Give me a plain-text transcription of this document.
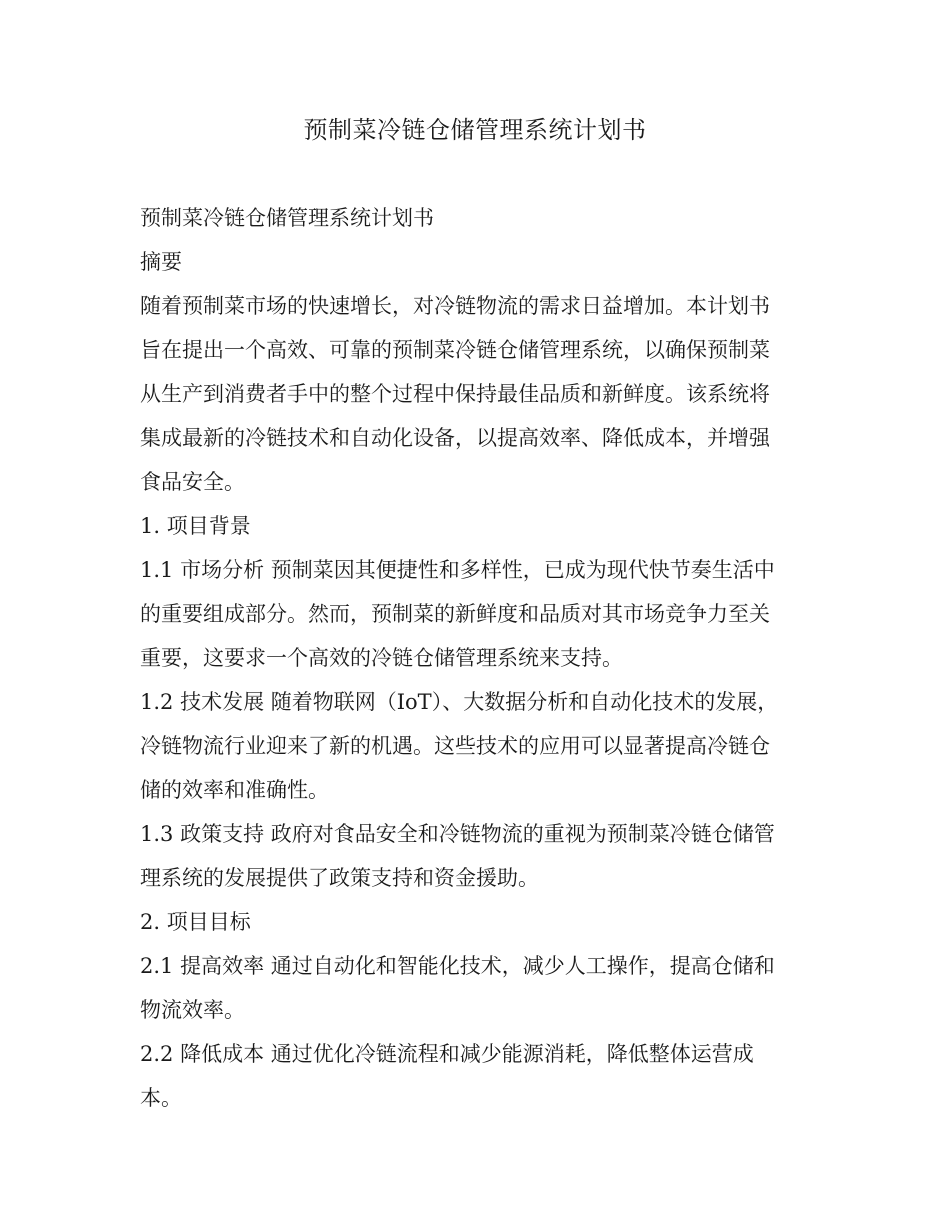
预制菜冷链仓储管理系统计划书
预制菜冷链仓储管理系统计划书
摘要
随着预制菜市场的快速增长，对冷链物流的需求日益增加。本计划书
旨在提出一个高效、可靠的预制菜冷链仓储管理系统，以确保预制菜
从生产到消费者手中的整个过程中保持最佳品质和新鲜度。该系统将
集成最新的冷链技术和自动化设备，以提高效率、降低成本，并增强
食品安全。
1. 项目背景
1.1 市场分析 预制菜因其便捷性和多样性，已成为现代快节奏生活中
的重要组成部分。然而，预制菜的新鲜度和品质对其市场竞争力至关
重要，这要求一个高效的冷链仓储管理系统来支持。
1.2 技术发展 随着物联网（IoT）、大数据分析和自动化技术的发展，
冷链物流行业迎来了新的机遇。这些技术的应用可以显著提高冷链仓
储的效率和准确性。
1.3 政策支持 政府对食品安全和冷链物流的重视为预制菜冷链仓储管
理系统的发展提供了政策支持和资金援助。
2. 项目目标
2.1 提高效率 通过自动化和智能化技术，减少人工操作，提高仓储和
物流效率。
2.2 降低成本 通过优化冷链流程和减少能源消耗，降低整体运营成
本。
